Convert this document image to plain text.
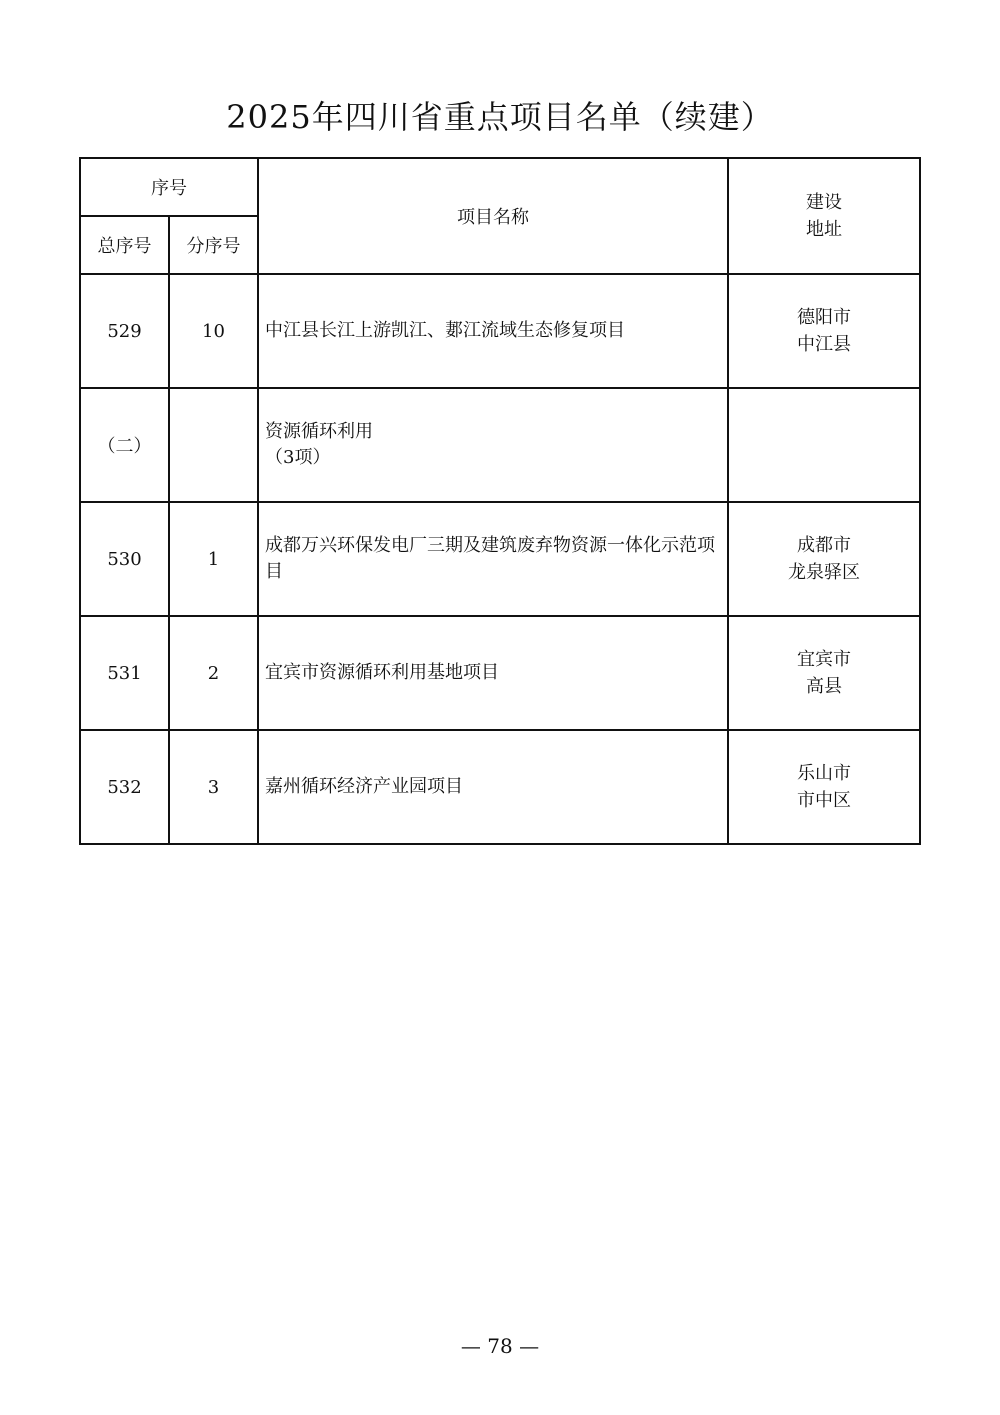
2025年四川省重点项目名单（续建）
序号		项目名称	建设
地址

总序号	分序号		
529	10	中江县长江上游凯江、郪江流域生态修复项目	德阳市
中江县

（二）		资源循环利用
（3项）	

530	1	成都万兴环保发电厂三期及建筑废弃物资源一体化示范项目	成都市
龙泉驿区

531	2	宜宾市资源循环利用基地项目	宜宾市
高县

532	3	嘉州循环经济产业园项目	乐山市
市中区
— 78 —
